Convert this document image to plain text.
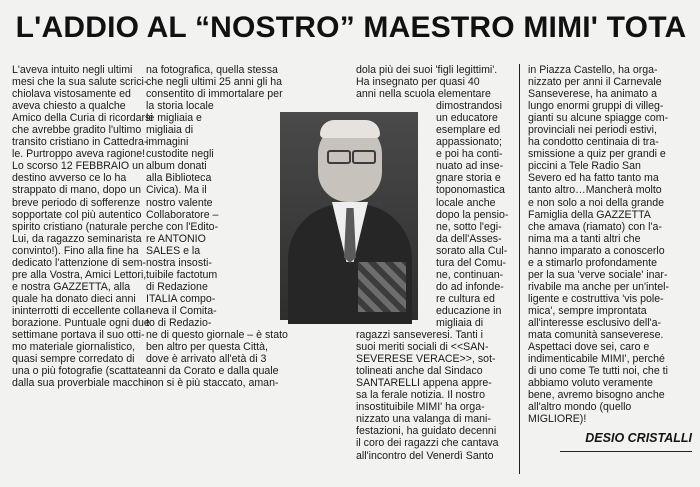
L'ADDIO AL “NOSTRO” MAESTRO MIMI' TOTA
L'aveva intuito negli ultimi
mesi che la sua salute scrici-
chiolava vistosamente ed
aveva chiesto a qualche
Amico della Curia di ricordarsi
che avrebbe gradito l'ultimo
transito cristiano in Cattedra-
le. Purtroppo aveva ragione!
Lo scorso 12 FEBBRAIO un
destino avverso ce lo ha
strappato di mano, dopo un
breve periodo di sofferenze
sopportate col più autentico
spirito cristiano (naturale per
Lui, da ragazzo seminarista
convinto!). Fino alla fine ha
dedicato l'attenzione di sem-
pre alla Vostra, Amici Lettori,
e nostra GAZZETTA, alla
quale ha donato dieci anni
ininterrotti di eccellente colla-
borazione. Puntuale ogni due
settimane portava il suo otti-
mo materiale giornalistico,
quasi sempre corredato di
una o più fotografie (scattate
dalla sua proverbiale macchi-
na fotografica, quella stessa
che negli ultimi 25 anni gli ha
consentito di immortalare per
la storia locale
le migliaia e
migliaia di
immagini
custodite negli
album donati
alla Biblioteca
Civica). Ma il
nostro valente
Collaboratore –
che con l'Edito-
re ANTONIO
SALES e la
nostra insosti-
tuibile factotum
di Redazione
ITALIA compo-
neva il Comita-
to di Redazio-
ne di questo giornale – è stato
ben altro per questa Città,
dove è arrivato all'età di 3
anni da Corato e dalla quale
non si è più staccato, aman-
dola più dei suoi 'figli legittimi'.
Ha insegnato per quasi 40
anni nella scuola elementare
dimostrandosi
un educatore
esemplare ed
appassionato;
e poi ha conti-
nuato ad inse-
gnare storia e
toponomastica
locale anche
dopo la pensio-
ne, sotto l'egi-
da dell'Asses-
sorato alla Cul-
tura del Comu-
ne, continuan-
do ad infonde-
re cultura ed
educazione in
migliaia di
ragazzi sanseveresi. Tanti i
suoi meriti sociali di <<SAN-
SEVERESE VERACE>>, sot-
tolineati anche dal Sindaco
SANTARELLI appena appre-
sa la ferale notizia. Il nostro
insostituibile MIMI' ha orga-
nizzato una valanga di mani-
festazioni, ha guidato decenni
il coro dei ragazzi che cantava
all'incontro del Venerdì Santo
in Piazza Castello, ha orga-
nizzato per anni il Carnevale
Sanseverese, ha animato a
lungo enormi gruppi di villeg-
gianti su alcune spiagge com-
provinciali nei periodi estivi,
ha condotto centinaia di tra-
smissione a quiz per grandi e
piccini a Tele Radio San
Severo ed ha fatto tanto ma
tanto altro…Mancherà molto
e non solo a noi della grande
Famiglia della GAZZETTA
che amava (riamato) con l'a-
nima ma a tanti altri che
hanno imparato a conoscerlo
e a stimarlo profondamente
per la sua 'verve sociale' inar-
rivabile ma anche per un'intel-
ligente e costruttiva 'vis pole-
mica', sempre improntata
all'interesse esclusivo dell'a-
mata comunità sanseverese.
Aspettaci dove sei, caro e
indimenticabile MIMI', perché
di uno come Te tutti noi, che ti
abbiamo voluto veramente
bene, avremo bisogno anche
all'altro mondo (quello
MIGLIORE)!
DESIO CRISTALLI
